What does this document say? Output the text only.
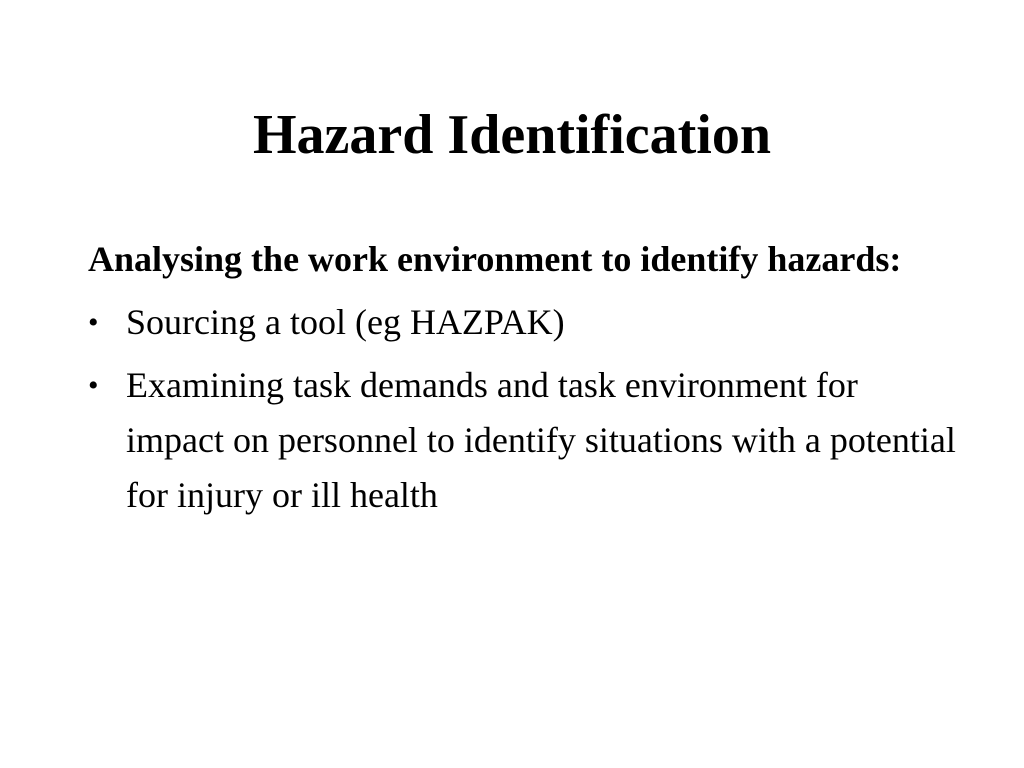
Hazard Identification

Analysing the work environment to identify hazards:

• Sourcing a tool (eg HAZPAK)

• Examining task demands and task environment for impact on personnel to identify situations with a potential for injury or ill health
